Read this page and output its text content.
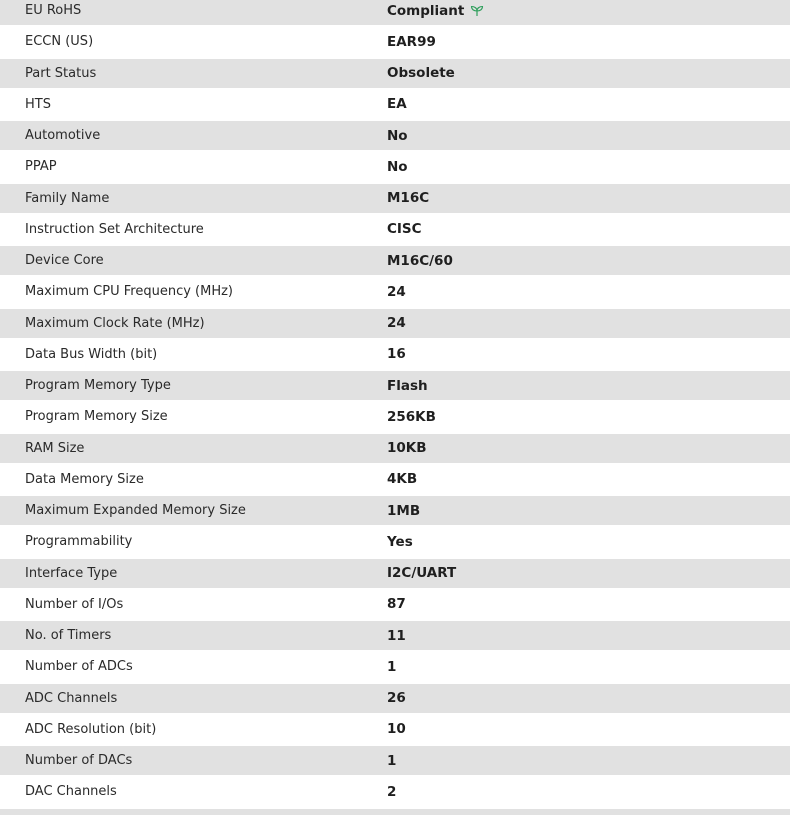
EU RoHS	Compliant
ECCN (US)	EAR99
Part Status	Obsolete
HTS	EA
Automotive	No
PPAP	No
Family Name	M16C
Instruction Set Architecture	CISC
Device Core	M16C/60
Maximum CPU Frequency (MHz)	24
Maximum Clock Rate (MHz)	24
Data Bus Width (bit)	16
Program Memory Type	Flash
Program Memory Size	256KB
RAM Size	10KB
Data Memory Size	4KB
Maximum Expanded Memory Size	1MB
Programmability	Yes
Interface Type	I2C/UART
Number of I/Os	87
No. of Timers	11
Number of ADCs	1
ADC Channels	26
ADC Resolution (bit)	10
Number of DACs	1
DAC Channels	2
